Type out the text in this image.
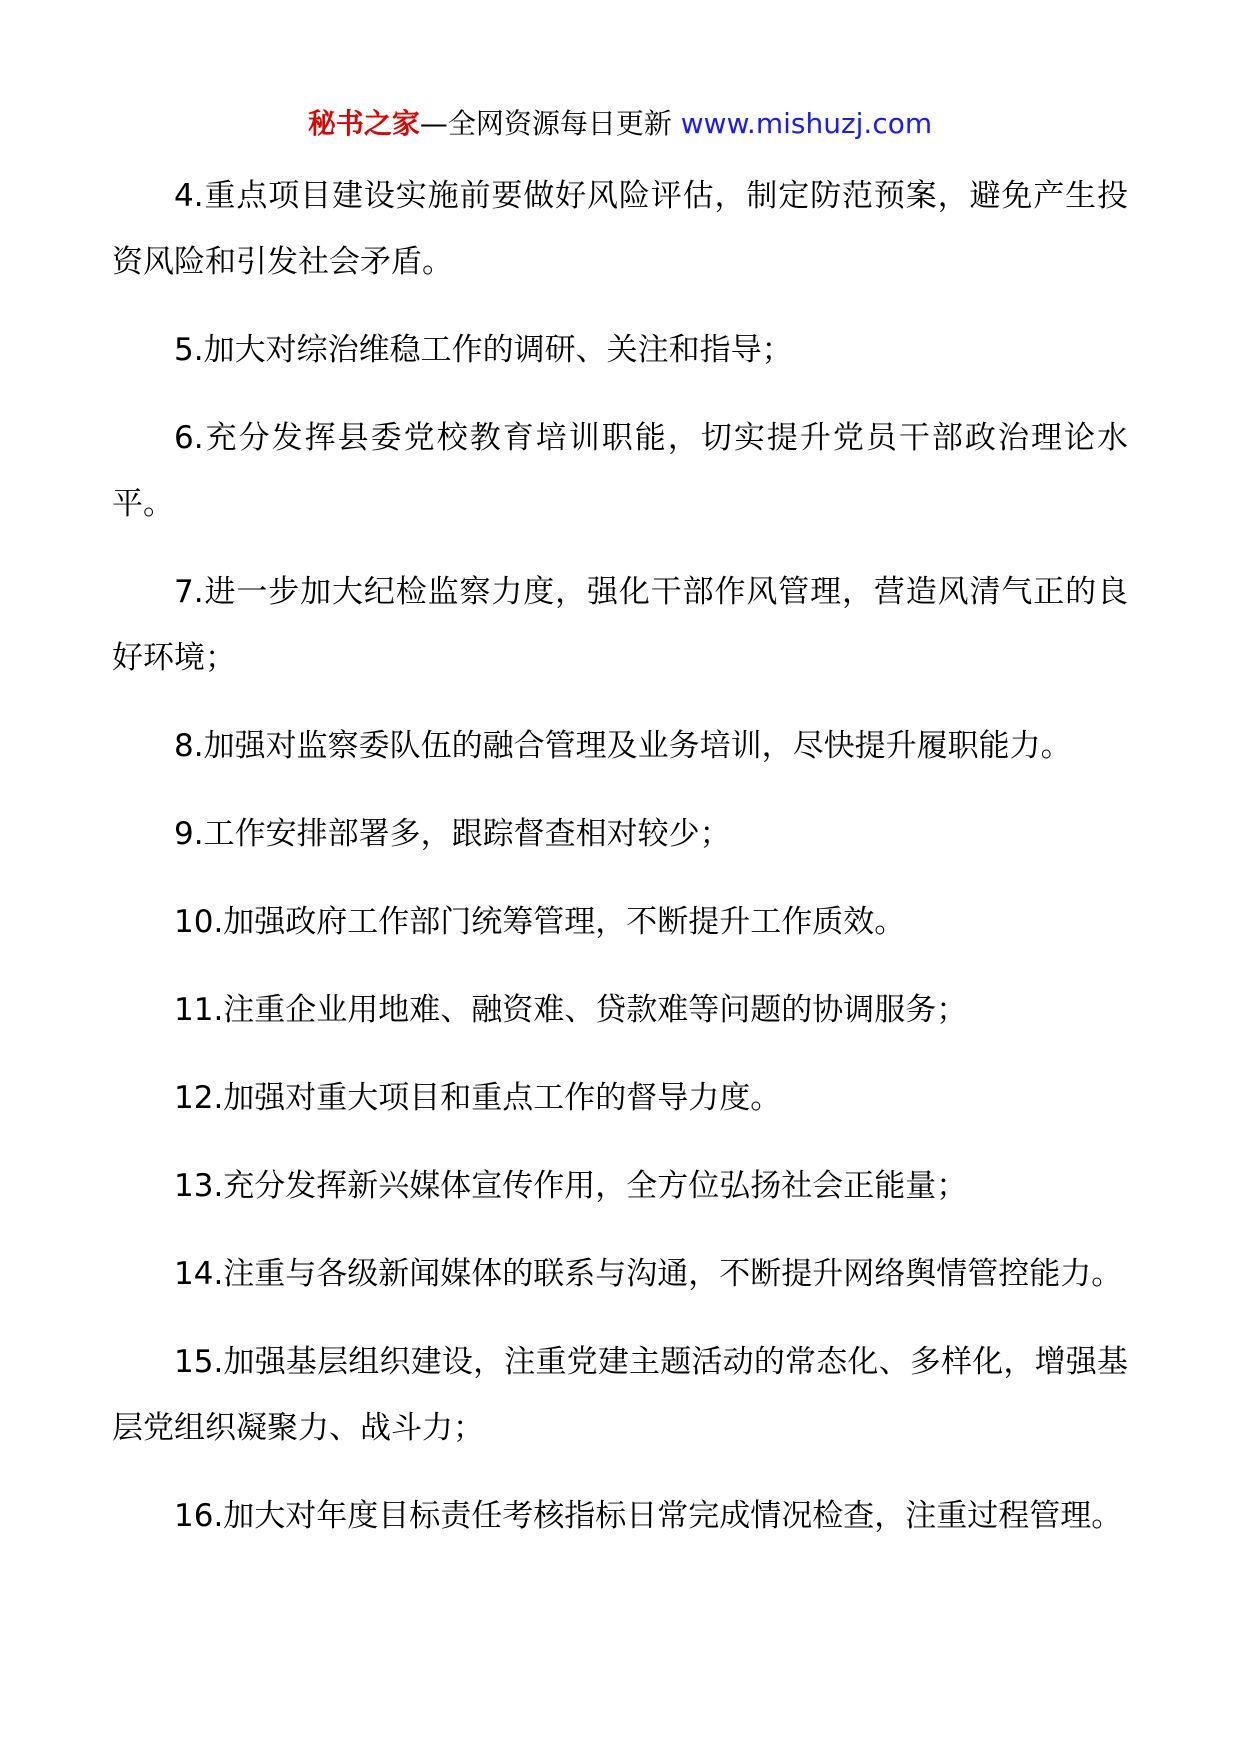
秘书之家—全网资源每日更新 www.mishuzj.com

4.重点项目建设实施前要做好风险评估，制定防范预案，避免产生投资风险和引发社会矛盾。

5.加大对综治维稳工作的调研、关注和指导；

6.充分发挥县委党校教育培训职能，切实提升党员干部政治理论水平。

7.进一步加大纪检监察力度，强化干部作风管理，营造风清气正的良好环境；

8.加强对监察委队伍的融合管理及业务培训，尽快提升履职能力。

9.工作安排部署多，跟踪督查相对较少；

10.加强政府工作部门统筹管理，不断提升工作质效。

11.注重企业用地难、融资难、贷款难等问题的协调服务；

12.加强对重大项目和重点工作的督导力度。

13.充分发挥新兴媒体宣传作用，全方位弘扬社会正能量；

14.注重与各级新闻媒体的联系与沟通，不断提升网络舆情管控能力。

15.加强基层组织建设，注重党建主题活动的常态化、多样化，增强基层党组织凝聚力、战斗力；

16.加大对年度目标责任考核指标日常完成情况检查，注重过程管理。
